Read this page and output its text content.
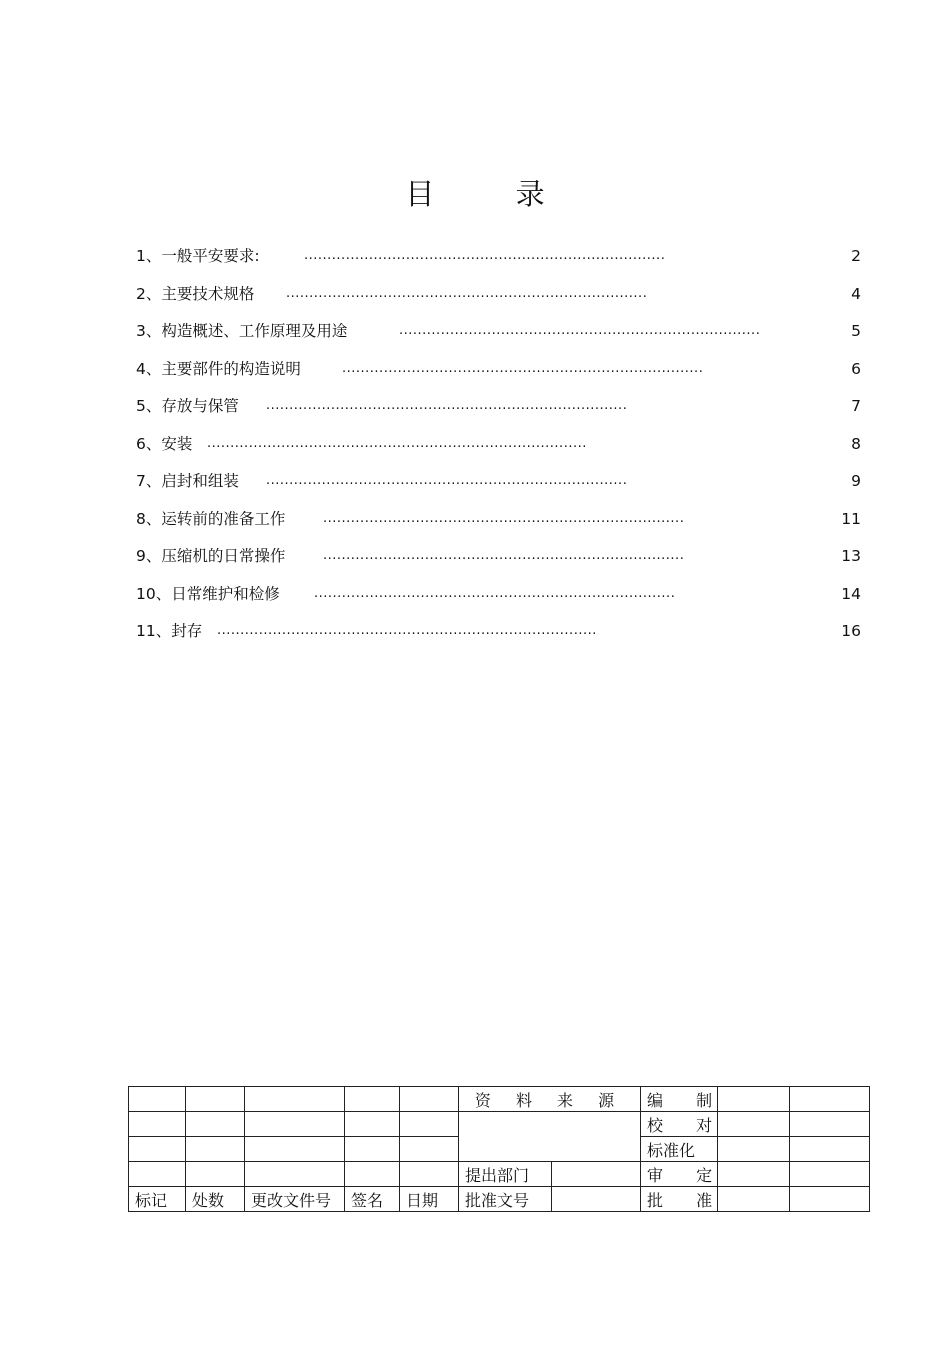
目 录
1、一般平安要求:	..............................................................................	2
2、主要技术规格 ..............................................................................	4
3、构造概述、工作原理及用途	..............................................................................	5
4、主要部件的构造说明	..............................................................................	6
5、存放与保管 ..............................................................................	7
6、安装 ..................................................................................	8
7、启封和组装 ..............................................................................	9
8、运转前的准备工作	..............................................................................	11
9、压缩机的日常操作	..............................................................................	13
10、日常维护和检修	..............................................................................	14
11、封存 ..................................................................................	16
					资 料 来 源		编 制		
							校 对		
							标准化		
					提出部门		审 定		
标记	处数	更改文件号	签名	日期	批准文号		批 准		
